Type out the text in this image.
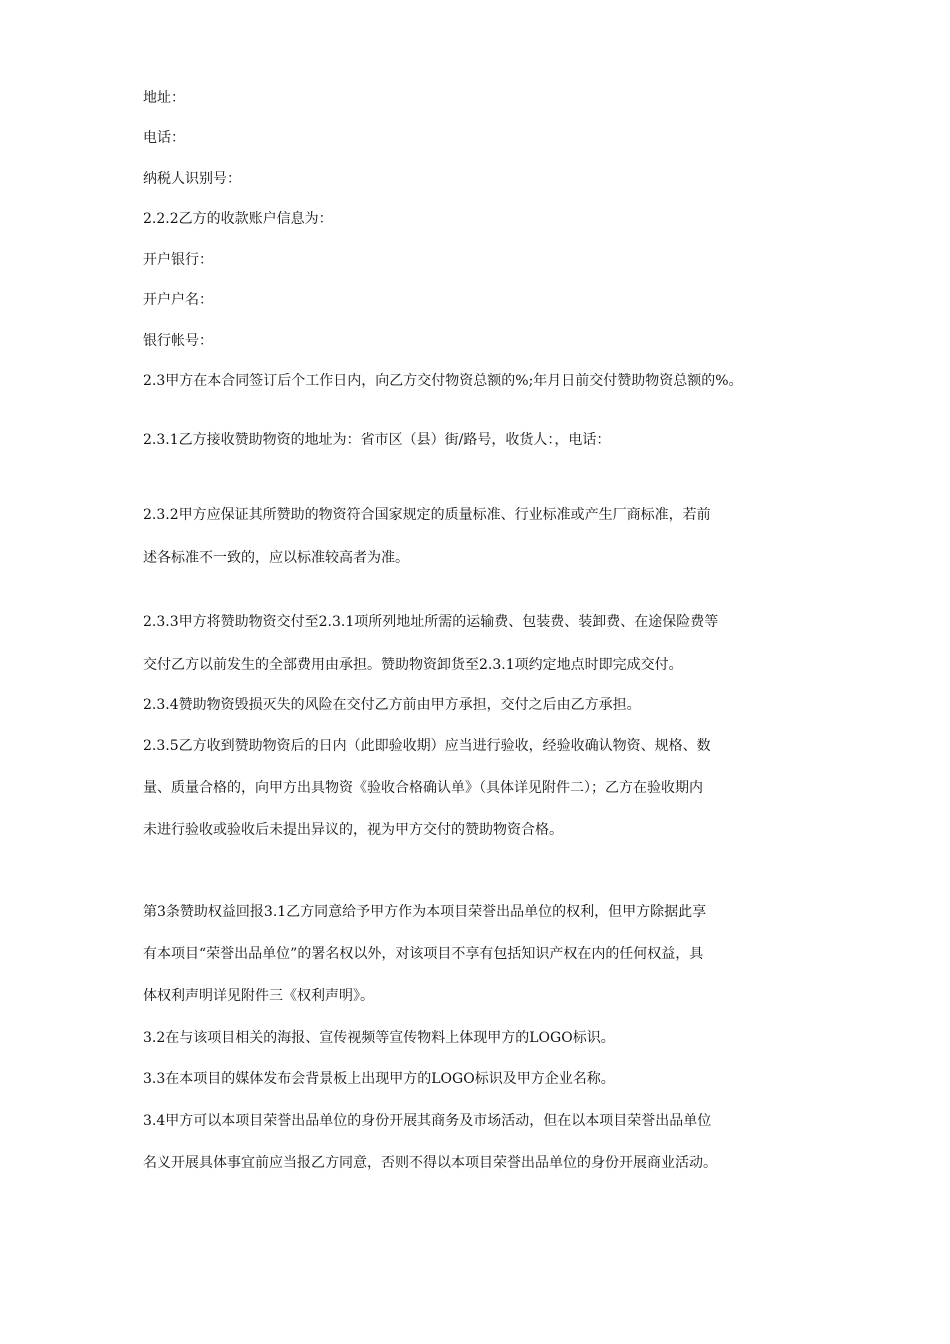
地址：

电话：

纳税人识别号：

2.2.2乙方的收款账户信息为：

开户银行：

开户户名：

银行帐号：

2.3甲方在本合同签订后个工作日内，向乙方交付物资总额的%;年月日前交付赞助物资总额的%。

2.3.1乙方接收赞助物资的地址为：省市区（县）街/路号，收货人：，电话：

2.3.2甲方应保证其所赞助的物资符合国家规定的质量标准、行业标准或产生厂商标准，若前

述各标准不一致的，应以标准较高者为准。

2.3.3甲方将赞助物资交付至2.3.1项所列地址所需的运输费、包装费、装卸费、在途保险费等

交付乙方以前发生的全部费用由承担。赞助物资卸货至2.3.1项约定地点时即完成交付。

2.3.4赞助物资毁损灭失的风险在交付乙方前由甲方承担，交付之后由乙方承担。

2.3.5乙方收到赞助物资后的日内（此即验收期）应当进行验收，经验收确认物资、规格、数

量、质量合格的，向甲方出具物资《验收合格确认单》（具体详见附件二）；乙方在验收期内

未进行验收或验收后未提出异议的，视为甲方交付的赞助物资合格。

第3条赞助权益回报3.1乙方同意给予甲方作为本项目荣誉出品单位的权利，但甲方除据此享

有本项目“荣誉出品单位”的署名权以外，对该项目不享有包括知识产权在内的任何权益，具

体权利声明详见附件三《权利声明》。

3.2在与该项目相关的海报、宣传视频等宣传物料上体现甲方的LOGO标识。

3.3在本项目的媒体发布会背景板上出现甲方的LOGO标识及甲方企业名称。

3.4甲方可以本项目荣誉出品单位的身份开展其商务及市场活动，但在以本项目荣誉出品单位

名义开展具体事宜前应当报乙方同意，否则不得以本项目荣誉出品单位的身份开展商业活动。
